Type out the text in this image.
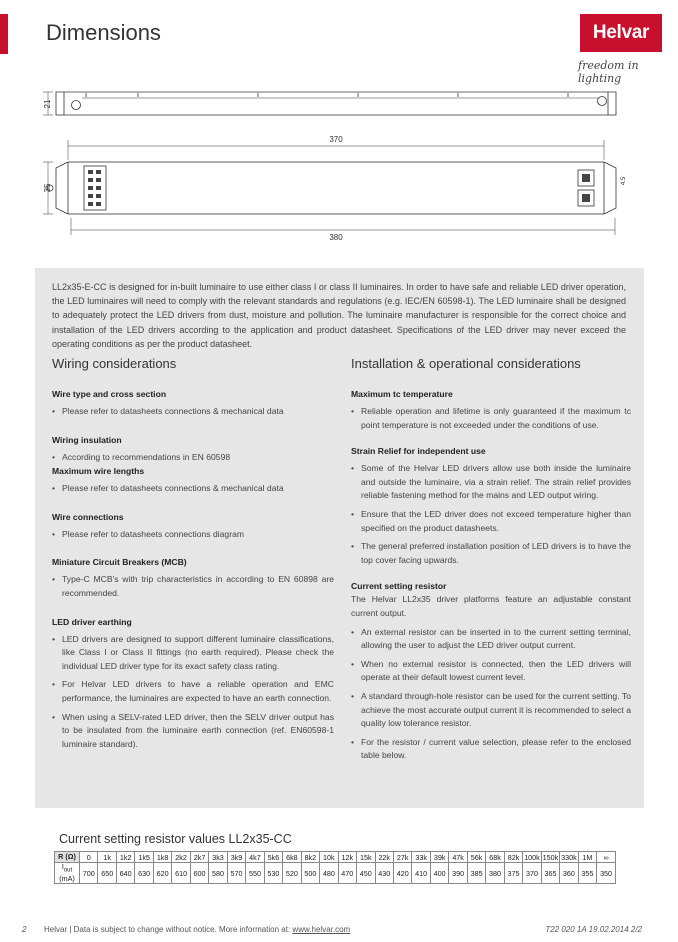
Dimensions	Helvar
freedom in lighting
21
35
370
380
4.5

LL2x35-E-CC is designed for in-built luminaire to use either class I or class II luminaires. In order to have safe and reliable LED driver operation, the LED luminaires will need to comply with the relevant standards and regulations (e.g. IEC/EN 60598-1). The LED luminaire shall be designed to adequately protect the LED drivers from dust, moisture and pollution. The luminaire manufacturer is responsible for the correct choice and installation of the LED drivers according to the application and product datasheet. Specifications of the LED driver may never exceed the operating conditions as per the product datasheet.

Wiring considerations
Wire type and cross section
• Please refer to datasheets connections & mechanical data
Wiring insulation
• According to recommendations in EN 60598
Maximum wire lengths
• Please refer to datasheets connections & mechanical data
Wire connections
• Please refer to datasheets connections diagram
Miniature Circuit Breakers (MCB)
• Type-C MCB's with trip characteristics in according to EN 60898 are recommended.
LED driver earthing
• LED drivers are designed to support different luminaire classifications, like Class I or Class II fittings (no earth required). Please check the individual LED driver type for its exact safety class rating.
• For Helvar LED drivers to have a reliable operation and EMC performance, the luminaires are expected to have an earth connection.
• When using a SELV-rated LED driver, then the SELV driver output has to be insulated from the luminaire earth connection (ref. EN60598-1 luminaire standard).
Installation & operational considerations
Maximum tc temperature
• Reliable operation and lifetime is only guaranteed if the maximum tc point temperature is not exceeded under the conditions of use.
Strain Relief for independent use
• Some of the Helvar LED drivers allow use both inside the luminaire and outside the luminaire, via a strain relief. The strain relief provides reliable fastening method for the mains and LED output wiring.
• Ensure that the LED driver does not exceed temperature higher than specified on the product datasheets.
• The general preferred installation position of LED drivers is to have the top cover facing upwards.
Current setting resistor
The Helvar LL2x35 driver platforms feature an adjustable constant current output.
• An external resistor can be inserted in to the current setting terminal, allowing the user to adjust the LED driver output current.
• When no external resistor is connected, then the LED drivers will operate at their default lowest current level.
• A standard through-hole resistor can be used for the current setting. To achieve the most accurate output current it is recommended to select a quality low tolerance resistor.
• For the resistor / current value selection, please refer to the enclosed table below.
Current setting resistor values LL2x35-CC
R (Ω)	0	1k	1k2	1k5	1k8	2k2	2k7	3k3	3k9	4k7	5k6	6k8	8k2	10k	12k	15k	22k	27k	33k	39k	47k	56k	68k	82k	100k	150k	330k	1M	∞
$I_{out}$
(mA)	700	650	640	630	620	610	600	580	570	550	530	520	500	480	470	450	430	420	410	400	390	385	380	375	370	365	360	355	350
2 Helvar | Data is subject to change without notice. More information at: www.helvar.com	T22 020 1A 19.02.2014 2/2
